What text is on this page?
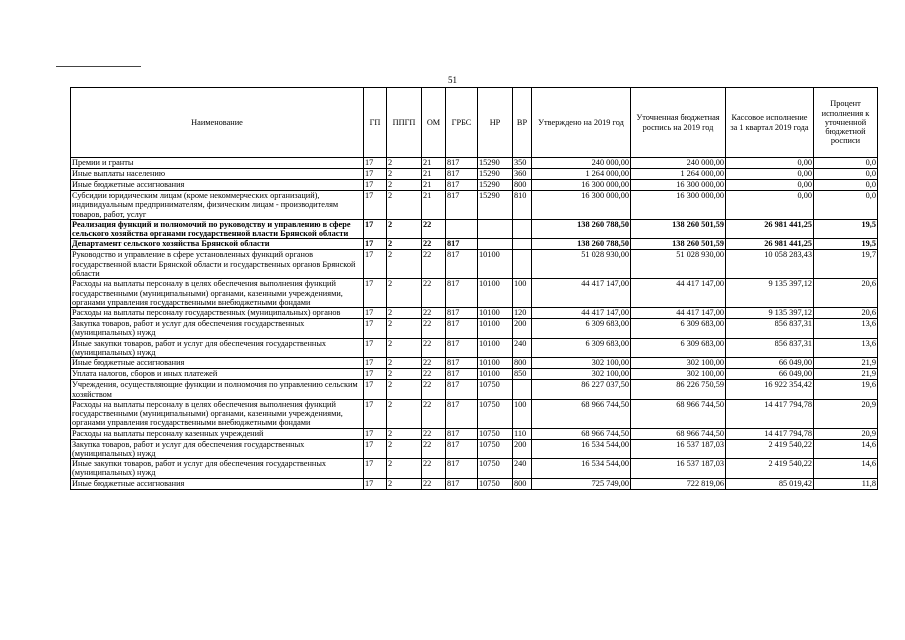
51
Наименование	ГП	ППГП	ОМ	ГРБС	НР	ВР	Утверждено на 2019 год	Уточненная бюджетная роспись на 2019 год	Кассовое исполнение за 1 квартал 2019 года	Процент исполнения к уточненной бюджетной росписи
Премии и гранты	17	2	21	817	15290	350	240 000,00	240 000,00	0,00	0,0
Иные выплаты населению	17	2	21	817	15290	360	1 264 000,00	1 264 000,00	0,00	0,0
Иные бюджетные ассигнования	17	2	21	817	15290	800	16 300 000,00	16 300 000,00	0,00	0,0
Субсидии юридическим лицам (кроме некоммерческих организаций), индивидуальным предпринимателям, физическим лицам - производителям товаров, работ, услуг	17	2	21	817	15290	810	16 300 000,00	16 300 000,00	0,00	0,0
Реализация функций и полномочий по руководству и управлению в сфере сельского хозяйства органами государственной власти Брянской области	17	2	22				138 260 788,50	138 260 501,59	26 981 441,25	19,5
Департамент сельского хозяйства Брянской области	17	2	22	817			138 260 788,50	138 260 501,59	26 981 441,25	19,5
Руководство и управление в сфере установленных функций органов государственной власти Брянской области и государственных органов Брянской области	17	2	22	817	10100		51 028 930,00	51 028 930,00	10 058 283,43	19,7
Расходы на выплаты персоналу в целях обеспечения выполнения функций государственными (муниципальными) органами, казенными учреждениями, органами управления государственными внебюджетными фондами	17	2	22	817	10100	100	44 417 147,00	44 417 147,00	9 135 397,12	20,6
Расходы на выплаты персоналу государственных (муниципальных) органов	17	2	22	817	10100	120	44 417 147,00	44 417 147,00	9 135 397,12	20,6
Закупка товаров, работ и услуг для обеспечения государственных (муниципальных) нужд	17	2	22	817	10100	200	6 309 683,00	6 309 683,00	856 837,31	13,6
Иные закупки товаров, работ и услуг для обеспечения государственных (муниципальных) нужд	17	2	22	817	10100	240	6 309 683,00	6 309 683,00	856 837,31	13,6
Иные бюджетные ассигнования	17	2	22	817	10100	800	302 100,00	302 100,00	66 049,00	21,9
Уплата налогов, сборов и иных платежей	17	2	22	817	10100	850	302 100,00	302 100,00	66 049,00	21,9
Учреждения, осуществляющие функции и полномочия по управлению сельским хозяйством	17	2	22	817	10750		86 227 037,50	86 226 750,59	16 922 354,42	19,6
Расходы на выплаты персоналу в целях обеспечения выполнения функций государственными (муниципальными) органами, казенными учреждениями, органами управления государственными внебюджетными фондами	17	2	22	817	10750	100	68 966 744,50	68 966 744,50	14 417 794,78	20,9
Расходы на выплаты персоналу казенных учреждений	17	2	22	817	10750	110	68 966 744,50	68 966 744,50	14 417 794,78	20,9
Закупка товаров, работ и услуг для обеспечения государственных (муниципальных) нужд	17	2	22	817	10750	200	16 534 544,00	16 537 187,03	2 419 540,22	14,6
Иные закупки товаров, работ и услуг для обеспечения государственных (муниципальных) нужд	17	2	22	817	10750	240	16 534 544,00	16 537 187,03	2 419 540,22	14,6
Иные бюджетные ассигнования	17	2	22	817	10750	800	725 749,00	722 819,06	85 019,42	11,8
